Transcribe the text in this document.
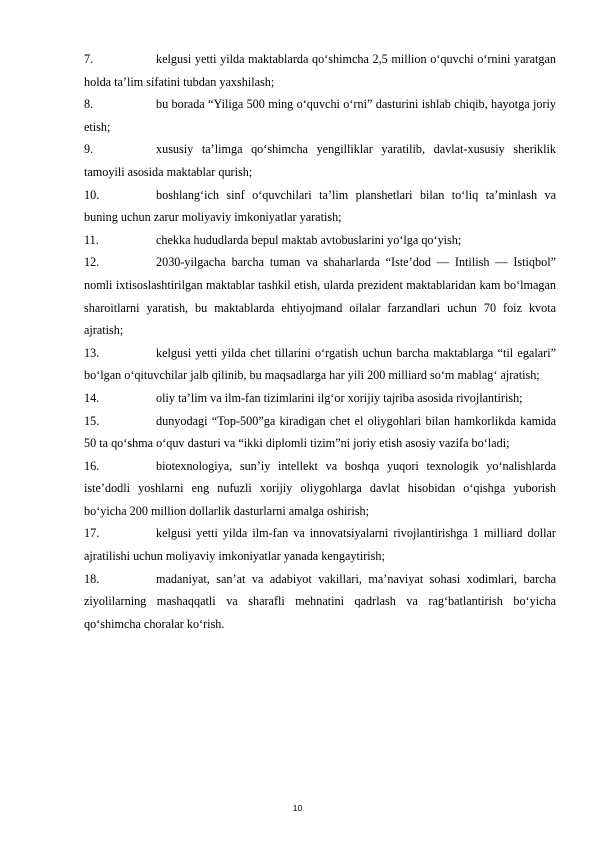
7.	kelgusi yetti yilda maktablarda qo‘shimcha 2,5 million o‘quvchi o‘rnini yaratgan holda ta’lim sifatini tubdan yaxshilash;

8.	bu borada “Yiliga 500 ming o‘quvchi o‘rni” dasturini ishlab chiqib, hayotga joriy etish;

9.	xususiy ta’limga qo‘shimcha yengilliklar yaratilib, davlat-xususiy sheriklik tamoyili asosida maktablar qurish;

10.	boshlang‘ich sinf o‘quvchilari ta’lim planshetlari bilan to‘liq ta’minlash va buning uchun zarur moliyaviy imkoniyatlar yaratish;

11.	chekka hududlarda bepul maktab avtobuslarini yo‘lga qo‘yish;

12.	2030-yilgacha barcha tuman va shaharlarda “Iste’dod — Intilish — Istiqbol” nomli ixtisoslashtirilgan maktablar tashkil etish, ularda prezident maktablaridan kam bo‘lmagan sharoitlarni yaratish, bu maktablarda ehtiyojmand oilalar farzandlari uchun 70 foiz kvota ajratish;

13.	kelgusi yetti yilda chet tillarini o‘rgatish uchun barcha maktablarga “til egalari” bo‘lgan o‘qituvchilar jalb qilinib, bu maqsadlarga har yili 200 milliard so‘m mablag‘ ajratish;

14.	oliy ta’lim va ilm-fan tizimlarini ilg‘or xorijiy tajriba asosida rivojlantirish;

15.	dunyodagi “Top-500”ga kiradigan chet el oliygohlari bilan hamkorlikda kamida 50 ta qo‘shma o‘quv dasturi va “ikki diplomli tizim”ni joriy etish asosiy vazifa bo‘ladi;

16.	biotexnologiya, sun’iy intellekt va boshqa yuqori texnologik yo‘nalishlarda iste’dodli yoshlarni eng nufuzli xorijiy oliygohlarga davlat hisobidan o‘qishga yuborish bo‘yicha 200 million dollarlik dasturlarni amalga oshirish;

17.	kelgusi yetti yilda ilm-fan va innovatsiyalarni rivojlantirishga 1 milliard dollar ajratilishi uchun moliyaviy imkoniyatlar yanada kengaytirish;

18.	madaniyat, san’at va adabiyot vakillari, ma’naviyat sohasi xodimlari, barcha ziyolilarning mashaqqatli va sharafli mehnatini qadrlash va rag‘batlantirish bo‘yicha qo‘shimcha choralar ko‘rish.

10
